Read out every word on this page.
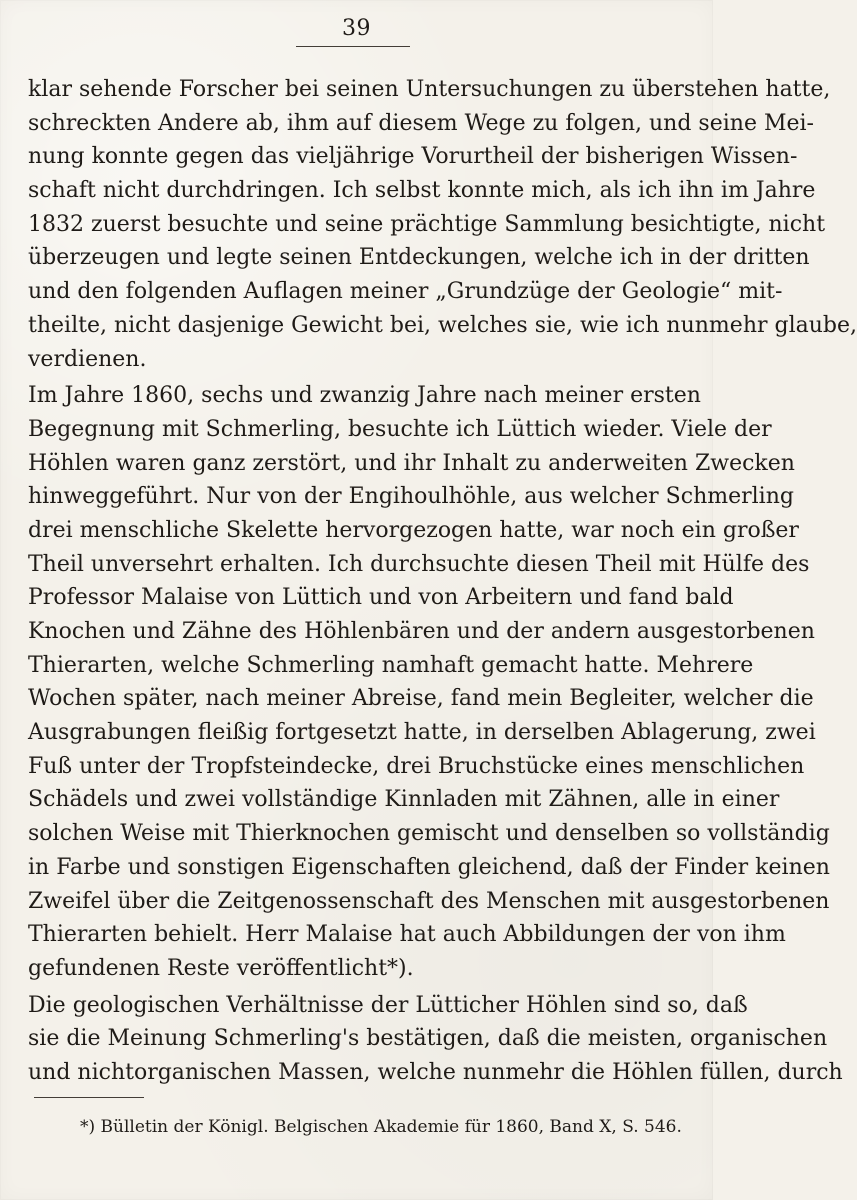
39
klar sehende Forscher bei seinen Untersuchungen zu überstehen hatte,
schreckten Andere ab, ihm auf diesem Wege zu folgen, und seine Mei-
nung konnte gegen das vieljährige Vorurtheil der bisherigen Wissen-
schaft nicht durchdringen. Ich selbst konnte mich, als ich ihn im Jahre
1832 zuerst besuchte und seine prächtige Sammlung besichtigte, nicht
überzeugen und legte seinen Entdeckungen, welche ich in der dritten
und den folgenden Auflagen meiner „Grundzüge der Geologie“ mit-
theilte, nicht dasjenige Gewicht bei, welches sie, wie ich nunmehr glaube,
verdienen.
Im Jahre 1860, sechs und zwanzig Jahre nach meiner ersten
Begegnung mit Schmerling, besuchte ich Lüttich wieder. Viele der
Höhlen waren ganz zerstört, und ihr Inhalt zu anderweiten Zwecken
hinweggeführt. Nur von der Engihoulhöhle, aus welcher Schmerling
drei menschliche Skelette hervorgezogen hatte, war noch ein großer
Theil unversehrt erhalten. Ich durchsuchte diesen Theil mit Hülfe des
Professor Malaise von Lüttich und von Arbeitern und fand bald
Knochen und Zähne des Höhlenbären und der andern ausgestorbenen
Thierarten, welche Schmerling namhaft gemacht hatte. Mehrere
Wochen später, nach meiner Abreise, fand mein Begleiter, welcher die
Ausgrabungen fleißig fortgesetzt hatte, in derselben Ablagerung, zwei
Fuß unter der Tropfsteindecke, drei Bruchstücke eines menschlichen
Schädels und zwei vollständige Kinnladen mit Zähnen, alle in einer
solchen Weise mit Thierknochen gemischt und denselben so vollständig
in Farbe und sonstigen Eigenschaften gleichend, daß der Finder keinen
Zweifel über die Zeitgenossenschaft des Menschen mit ausgestorbenen
Thierarten behielt. Herr Malaise hat auch Abbildungen der von ihm
gefundenen Reste veröffentlicht*).
Die geologischen Verhältnisse der Lütticher Höhlen sind so, daß
sie die Meinung Schmerling's bestätigen, daß die meisten, organischen
und nichtorganischen Massen, welche nunmehr die Höhlen füllen, durch
*) Bülletin der Königl. Belgischen Akademie für 1860, Band X, S. 546.
